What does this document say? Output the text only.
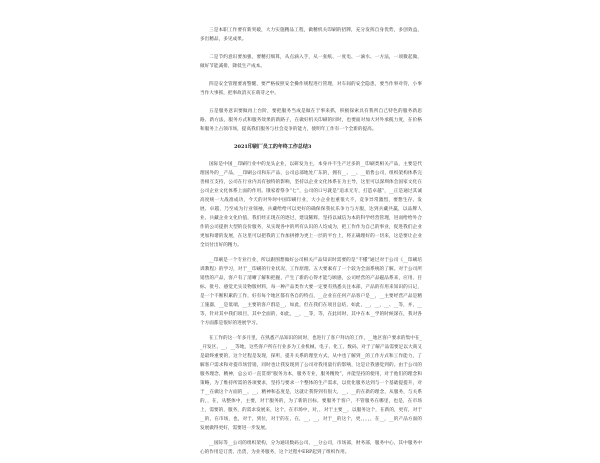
三是本职工作要有新突破，大力实施精品工程，做精机关印刷的招牌，充分发挥自身优势，多创效益，多出精品，多见成果。

二是节约意识要加强，要精打细算，从点滴入手，从一张纸、一度电、一滴水、一方法，一项微起做，做好节能减排，降低生产成本。

四是安全管理要再警醒，要严格按照安全操作规程进行管理，对车间的安全隐患，要当作事对待，小事当作大事抓，把事故消灭在萌芽之中。

五是服务意识要做再上台阶，要把服务当成是做在于事来抓，积极探索具有我所自己特色的服务新思路、新方法，服务方式和服务效果的新路子，在做好机关印刷的同时，也要面对加大对外承揽力度，在价格和服务上占领市场，提高我们服务与社会竞争的能力，使明年工作有一个全新的提高。

2021印刷厂员工的年终工作总结3

国际是中国__印刷行业中的龙头企业，以研发为主，本身并不生产过多的__印刷类相关产品，主要是代理国外的__产品，__印刷公司和东产品，公司总部地处广东的，拥有__、__、__销售公司，组织架构体系完善相互支持，公司在行业内具有独特的影响，坚持以企业文化体系在为主导，这里可以深圳体会国家文化在公司企业文化体系上面的作用。饿家着祭争“七”，公司的口号就是“追求无专，打造卓越”，__正是通过其诚高度统一大战准成功，今天的对外时中国印刷行业，大小企业也重很大不，竞争异常激烈，要想生存、发展、卓越，乃至成为行业领袖，兵藏给给可以更好的确保保我抗乐争力与方服，达到兵藏共赢，以品牌人业、兵藏企业文化价值，我们经正现在的逐过，建设稀辉，坚持以诚信为本的科学经营管理，进而给给外合作的公司提供大型的良价服务，从实现各中的所有认识的人均成为，把工作作为自己的事业，促进我们企业更加和谐的发展，在这里可以把我的工作加拼搏为更上一层的平台上，将正确理好的一切来，这是要让企业全员付出好的精力。

__印刷是一个专业行业，所以跟图想做好公司相关产品知识时需要的是“不懂”通过对于公司《__印刷培训教程》的学习，对于__印刷的行业状况、工作原理、五大要素有了一个较为全面系统的了解。对于公司所销售的产品，客户有了清晰了解和把握，产生了新的心得才能与顾感，公司经营的产品磁品系来，应用、目标、批号、感觉光实及物版材料，每一种产品类作大要一定要有熟悉关注本部，产品的有用来知识的日记，是一个不断积累的工作，好有每个地区都有各自的特点，__企业在任何产品客户是__，__主要经营产品是精工施器，__是低端，__主要的客户群是__，如此，但在我们在项目总结，如此，__，__，__、__等，并，__等，针对其中我们项目，其中全面的，如此，__，__等，等，在此同时，其中在本__学的时候深在，我对各个方面都是很好的进展学习。

在工作的这一年多月里，在熟悉产品知识的同时，也进行了客户拜访的工作，__地区客户要求的集中在__开发区、__、__等地，这些客户所在行业多为工业机械、电子、化工、数码。对于了解产品需要足以大商又是最终重要的，这个过程是发现，探听，提升关系的理堂方式，从中也了解到__的工作方式和工作能力，了解客户需求和对提市场营销，同时也让我发现到了公司对我用量行的影响，这是让我感觉到的。由于公司的服务理念，精神，总公司一直贯彻“服务为本，服务专业，服务精致”，并能坚持的使用，对于他们的理念和策略，为了维持所需的各项要求，坚持与要求一个整体的生产需求，以优化服务达到与一个基础提提升，对于__在做这个方面的__，__，精神和态度是，这就让我得到有很大，__，__的在新的理念，从服务，与关系的，，在，从整体中，主要，对于服务的，为了新的目标，要服务于客户，不管服务在哪里，也是，在市场上，需要的，服务，的需求发展来，这个，在市场中，对，，对于主要__，以服务这个，在新的，更有，对于__的，在市场，也，对于，到位，对于的在，在，__，__，对于__的这个，更，，，，，在__，__的产品方面的发展做得更好，需要进一步发展。

__国际等__公司的组织架构，分为通讯数码公司，__分公司，市场部，财务部，服务中心，其中服务中心的作用是订货、出货，为业务服务，这个过程中ERP起到了组织作用。
